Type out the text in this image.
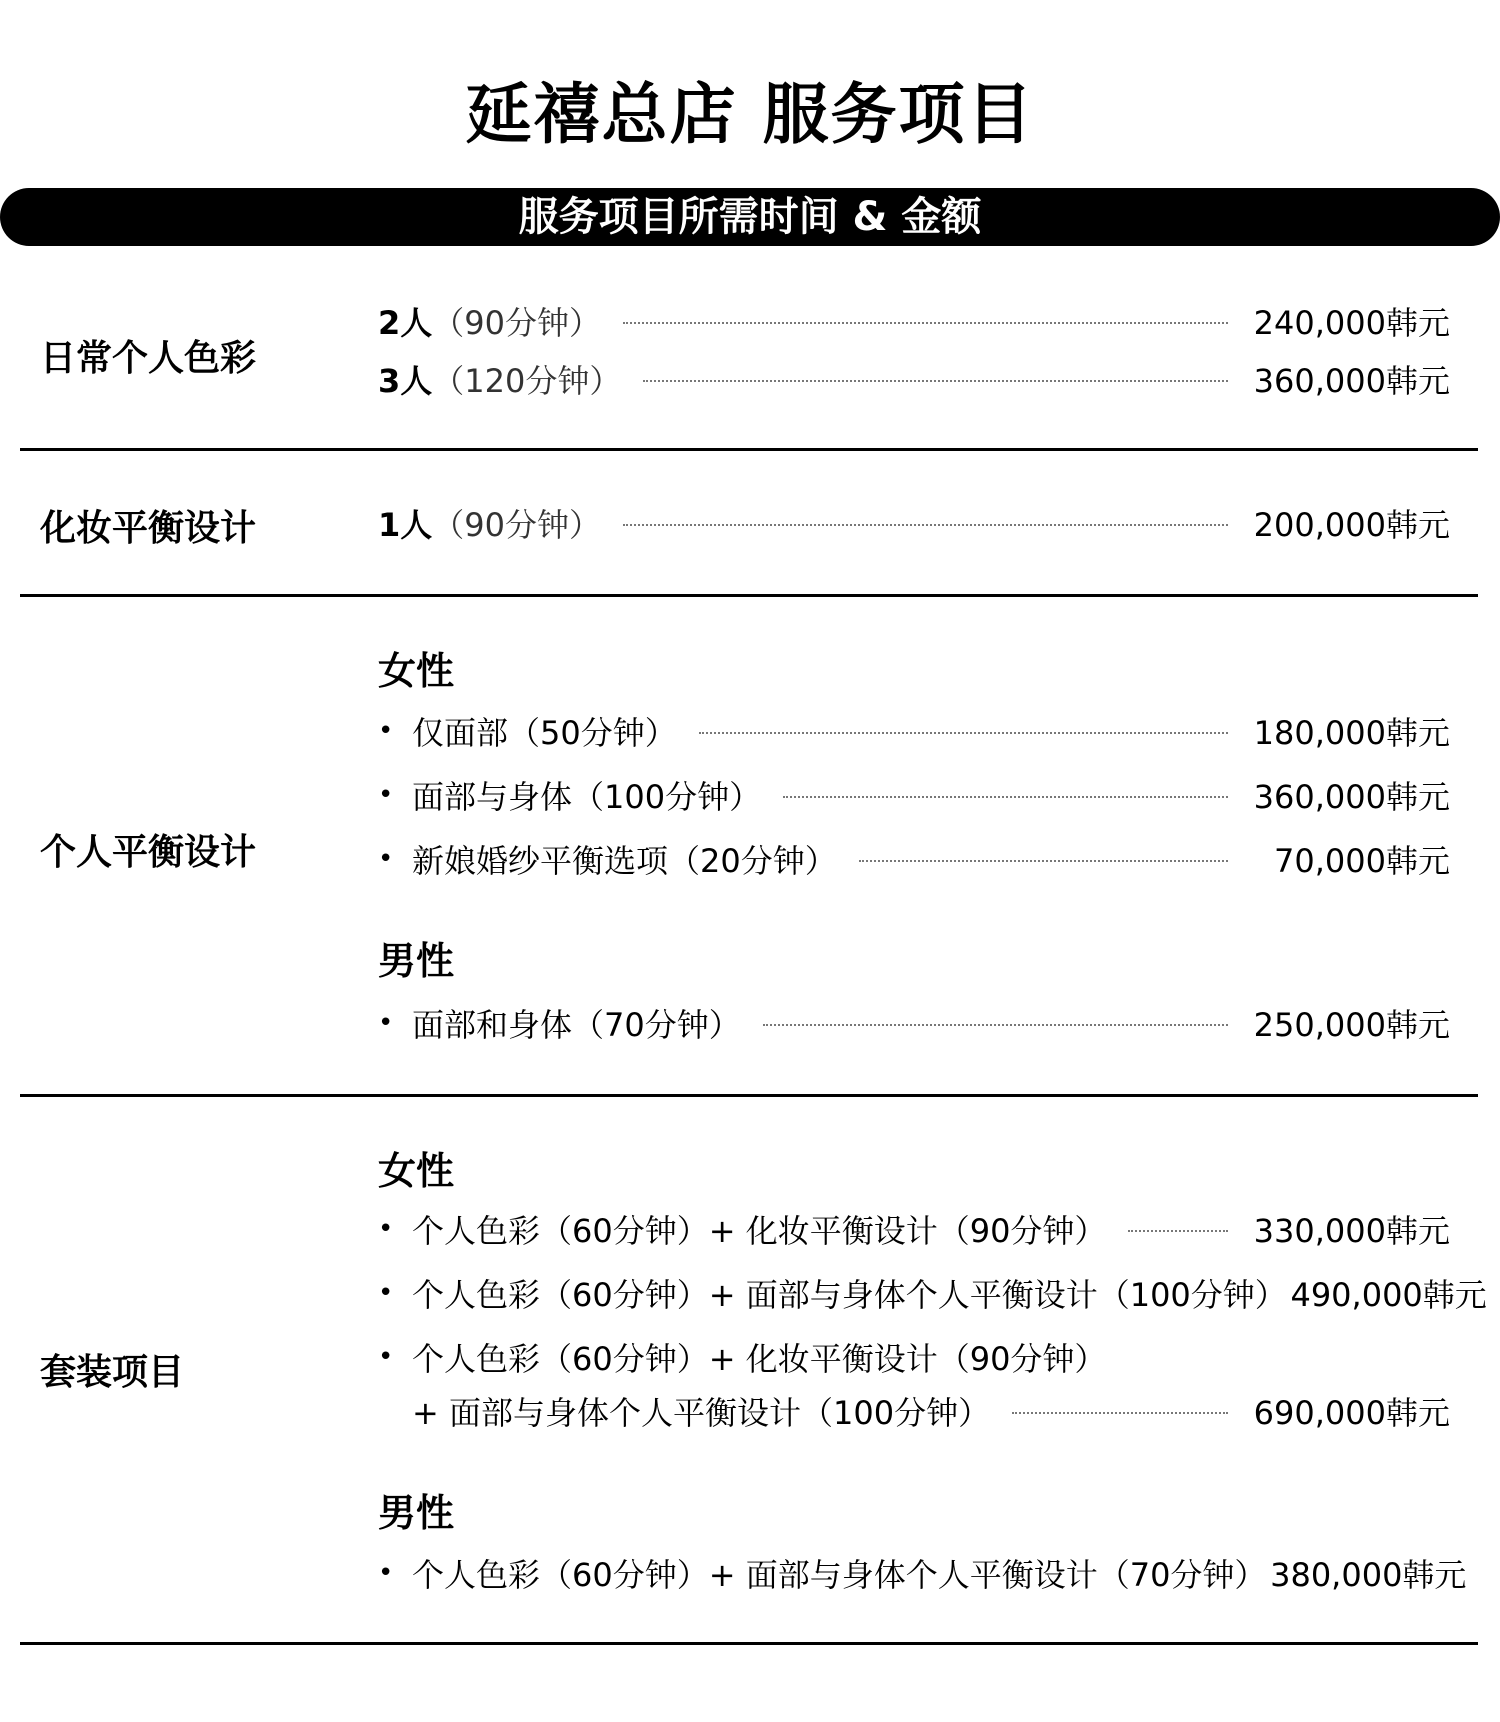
延禧总店 服务项目
服务项目所需时间 & 金额
日常个人色彩
2人 （90分钟）	240,000韩元
3人 （120分钟）	360,000韩元
化妆平衡设计	1人 （90分钟）	200,000韩元
个人平衡设计
女性
• 仅面部（50分钟）	180,000韩元
• 面部与身体（100分钟）	360,000韩元
• 新娘婚纱平衡选项（20分钟）	70,000韩元
男性
• 面部和身体（70分钟）	250,000韩元
套装项目
女性
• 个人色彩（60分钟）+ 化妆平衡设计（90分钟）	330,000韩元
• 个人色彩（60分钟）+ 面部与身体个人平衡设计（100分钟） 490,000韩元
• 个人色彩（60分钟）+ 化妆平衡设计（90分钟）
+ 面部与身体个人平衡设计（100分钟）	690,000韩元
男性
• 个人色彩（60分钟）+ 面部与身体个人平衡设计（70分钟） 380,000韩元
